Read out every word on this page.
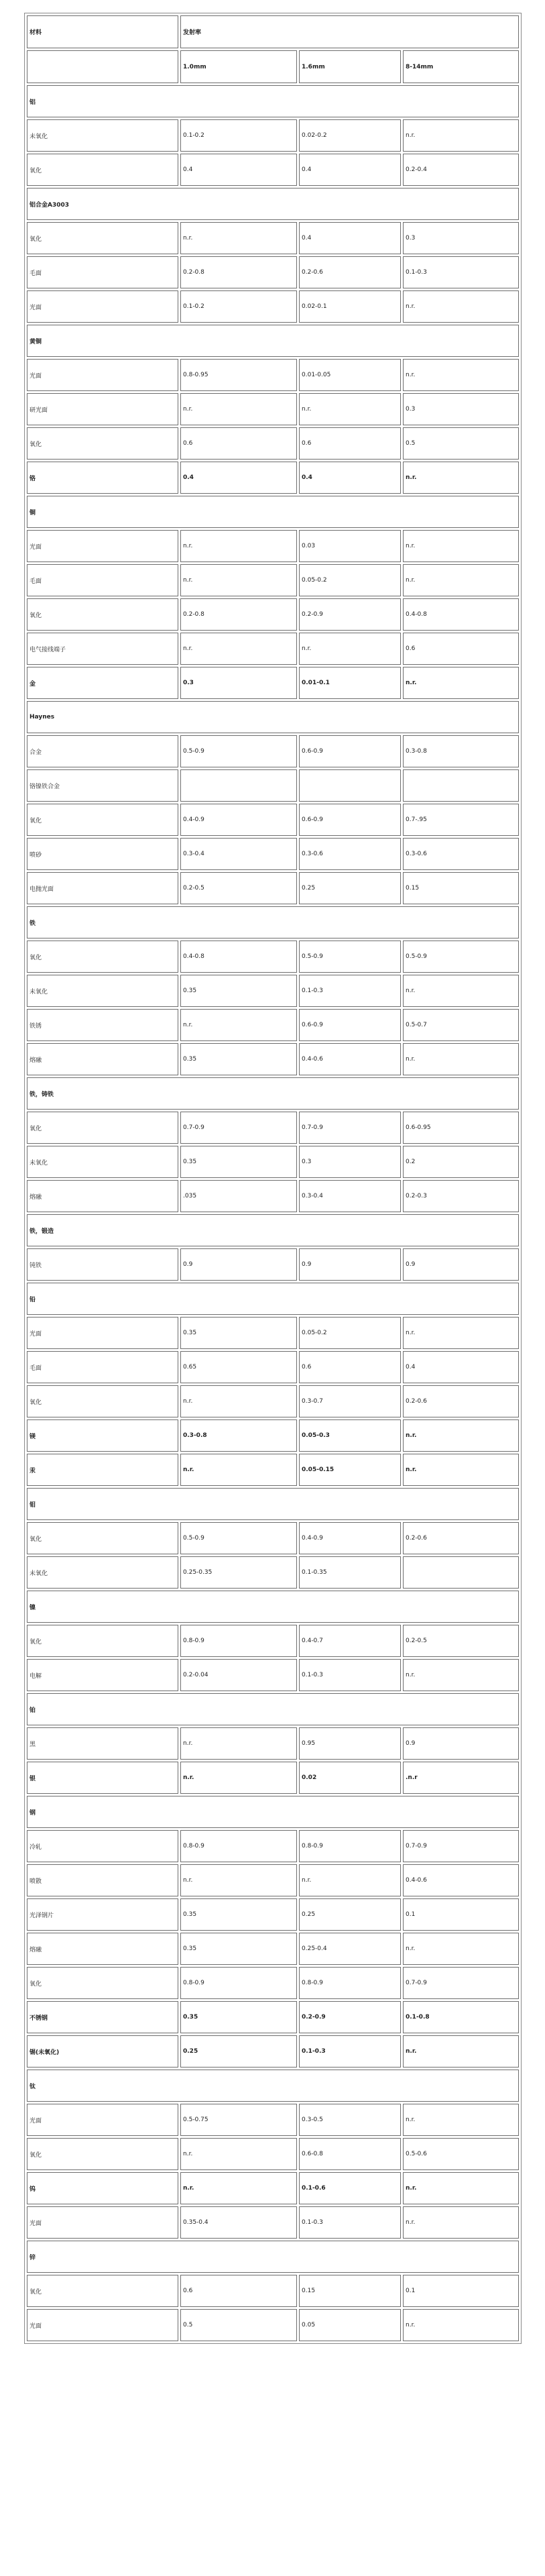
材料	发射率		
	1.0mm	1.6mm	8-14mm
铝			
未氧化	0.1-0.2	0.02-0.2	n.r.
氧化	0.4	0.4	0.2-0.4
铝合金A3003			
氧化	n.r.	0.4	0.3
毛面	0.2-0.8	0.2-0.6	0.1-0.3
光面	0.1-0.2	0.02-0.1	n.r.
黄铜			
光面	0.8-0.95	0.01-0.05	n.r.
研光面	n.r.	n.r.	0.3
氧化	0.6	0.6	0.5
铬	0.4	0.4	n.r.
铜			
光面	n.r.	0.03	n.r.
毛面	n.r.	0.05-0.2	n.r.
氧化	0.2-0.8	0.2-0.9	0.4-0.8
电气接线端子	n.r.	n.r.	0.6
金	0.3	0.01-0.1	n.r.
Haynes			
合金	0.5-0.9	0.6-0.9	0.3-0.8
铬镍铁合金			
氧化	0.4-0.9	0.6-0.9	0.7-.95
喷砂	0.3-0.4	0.3-0.6	0.3-0.6
电抛光面	0.2-0.5	0.25	0.15
铁			
氧化	0.4-0.8	0.5-0.9	0.5-0.9
未氧化	0.35	0.1-0.3	n.r.
铁锈	n.r.	0.6-0.9	0.5-0.7
熔融	0.35	0.4-0.6	n.r.
铁，铸铁			
氧化	0.7-0.9	0.7-0.9	0.6-0.95
未氧化	0.35	0.3	0.2
熔融	.035	0.3-0.4	0.2-0.3
铁，锻造			
钝铁	0.9	0.9	0.9
铅			
光面	0.35	0.05-0.2	n.r.
毛面	0.65	0.6	0.4
氧化	n.r.	0.3-0.7	0.2-0.6
镁	0.3-0.8	0.05-0.3	n.r.
汞	n.r.	0.05-0.15	n.r.
钼			
氧化	0.5-0.9	0.4-0.9	0.2-0.6
未氧化	0.25-0.35	0.1-0.35	
镍			
氧化	0.8-0.9	0.4-0.7	0.2-0.5
电解	0.2-0.04	0.1-0.3	n.r.
铂			
黑	n.r.	0.95	0.9
银	n.r.	0.02	.n.r
钢			
冷轧	0.8-0.9	0.8-0.9	0.7-0.9
喷散	n.r.	n.r.	0.4-0.6
光泽钢片	0.35	0.25	0.1
熔融	0.35	0.25-0.4	n.r.
氧化	0.8-0.9	0.8-0.9	0.7-0.9
不锈钢	0.35	0.2-0.9	0.1-0.8
锡(未氧化)	0.25	0.1-0.3	n.r.
钛			
光面	0.5-0.75	0.3-0.5	n.r.
氧化	n.r.	0.6-0.8	0.5-0.6
钨	n.r.	0.1-0.6	n.r.
光面	0.35-0.4	0.1-0.3	n.r.
锌			
氧化	0.6	0.15	0.1
光面	0.5	0.05	n.r.
